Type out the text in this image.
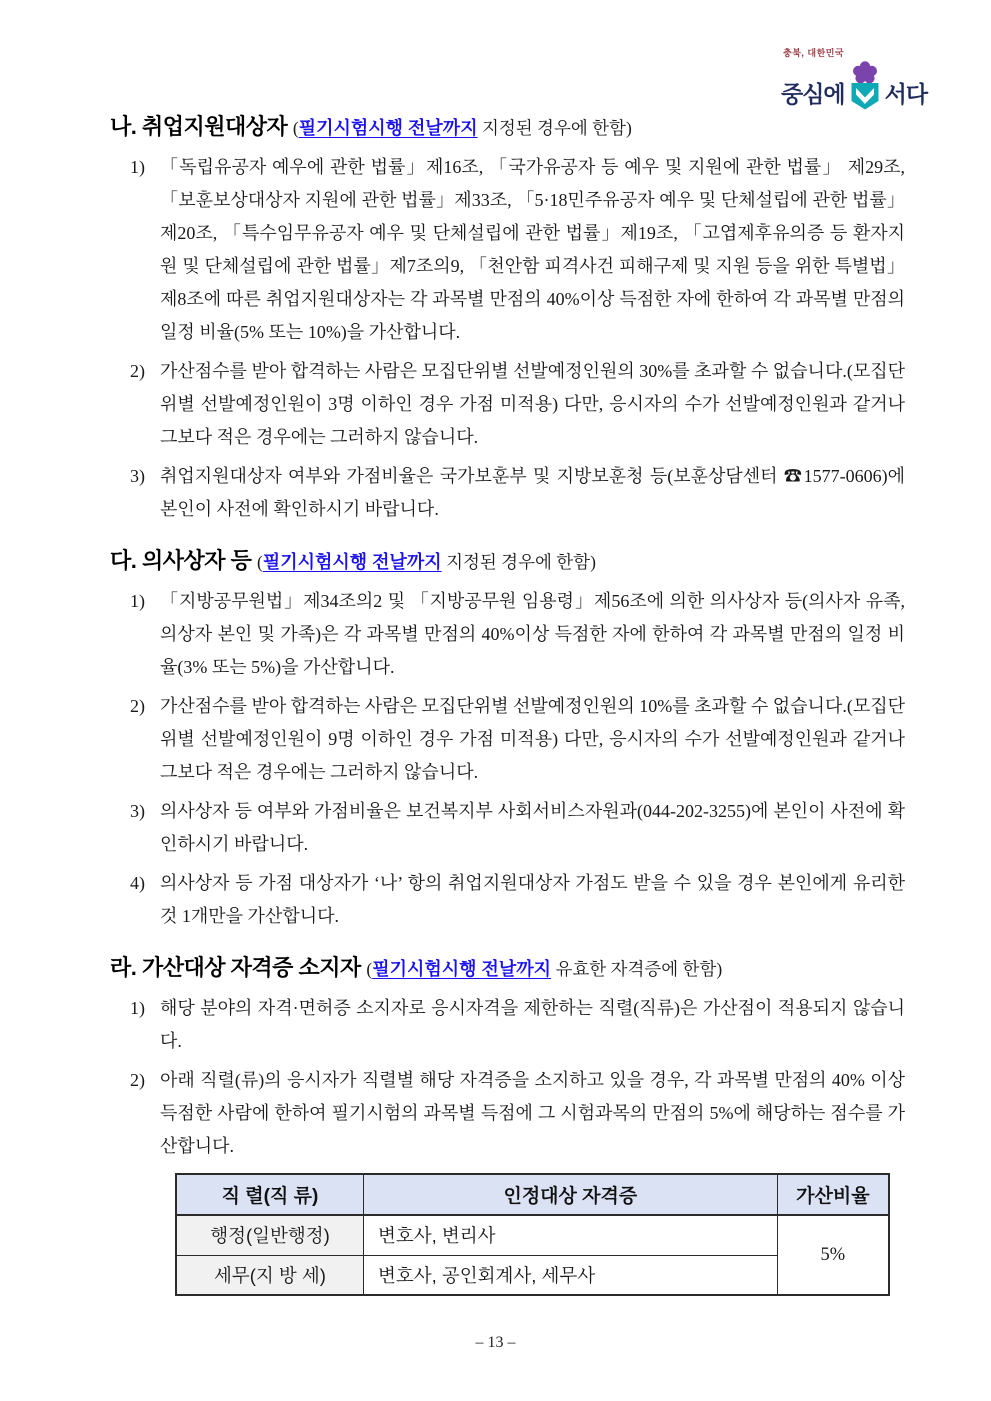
충북, 대한민국
중심에 서다
나. 취업지원대상자 (필기시험시행 전날까지 지정된 경우에 한함)
1) 「독립유공자 예우에 관한 법률」제16조, 「국가유공자 등 예우 및 지원에 관한 법률」 제29조, 「보훈보상대상자 지원에 관한 법률」제33조, 「5·18민주유공자 예우 및 단체설립에 관한 법률」제20조, 「특수임무유공자 예우 및 단체설립에 관한 법률」제19조, 「고엽제후유의증 등 환자지원 및 단체설립에 관한 법률」제7조의9, 「천안함 피격사건 피해구제 및 지원 등을 위한 특별법」제8조에 따른 취업지원대상자는 각 과목별 만점의 40%이상 득점한 자에 한하여 각 과목별 만점의 일정 비율(5% 또는 10%)을 가산합니다.
2) 가산점수를 받아 합격하는 사람은 모집단위별 선발예정인원의 30%를 초과할 수 없습니다.(모집단위별 선발예정인원이 3명 이하인 경우 가점 미적용) 다만, 응시자의 수가 선발예정인원과 같거나 그보다 적은 경우에는 그러하지 않습니다.
3) 취업지원대상자 여부와 가점비율은 국가보훈부 및 지방보훈청 등(보훈상담센터 ☎1577-0606)에 본인이 사전에 확인하시기 바랍니다.
다. 의사상자 등 (필기시험시행 전날까지 지정된 경우에 한함)
1) 「지방공무원법」제34조의2 및 「지방공무원 임용령」제56조에 의한 의사상자 등(의사자 유족, 의상자 본인 및 가족)은 각 과목별 만점의 40%이상 득점한 자에 한하여 각 과목별 만점의 일정 비율(3% 또는 5%)을 가산합니다.
2) 가산점수를 받아 합격하는 사람은 모집단위별 선발예정인원의 10%를 초과할 수 없습니다.(모집단위별 선발예정인원이 9명 이하인 경우 가점 미적용) 다만, 응시자의 수가 선발예정인원과 같거나 그보다 적은 경우에는 그러하지 않습니다.
3) 의사상자 등 여부와 가점비율은 보건복지부 사회서비스자원과(044-202-3255)에 본인이 사전에 확인하시기 바랍니다.
4) 의사상자 등 가점 대상자가 ‘나’ 항의 취업지원대상자 가점도 받을 수 있을 경우 본인에게 유리한 것 1개만을 가산합니다.
라. 가산대상 자격증 소지자 (필기시험시행 전날까지 유효한 자격증에 한함)
1) 해당 분야의 자격·면허증 소지자로 응시자격을 제한하는 직렬(직류)은 가산점이 적용되지 않습니다.
2) 아래 직렬(류)의 응시자가 직렬별 해당 자격증을 소지하고 있을 경우, 각 과목별 만점의 40% 이상 득점한 사람에 한하여 필기시험의 과목별 득점에 그 시험과목의 만점의 5%에 해당하는 점수를 가산합니다.
직 렬(직 류)	인정대상 자격증	가산비율
행정(일반행정)	변호사, 변리사	5%
세무(지 방 세)	변호사, 공인회계사, 세무사	
– 13 –
